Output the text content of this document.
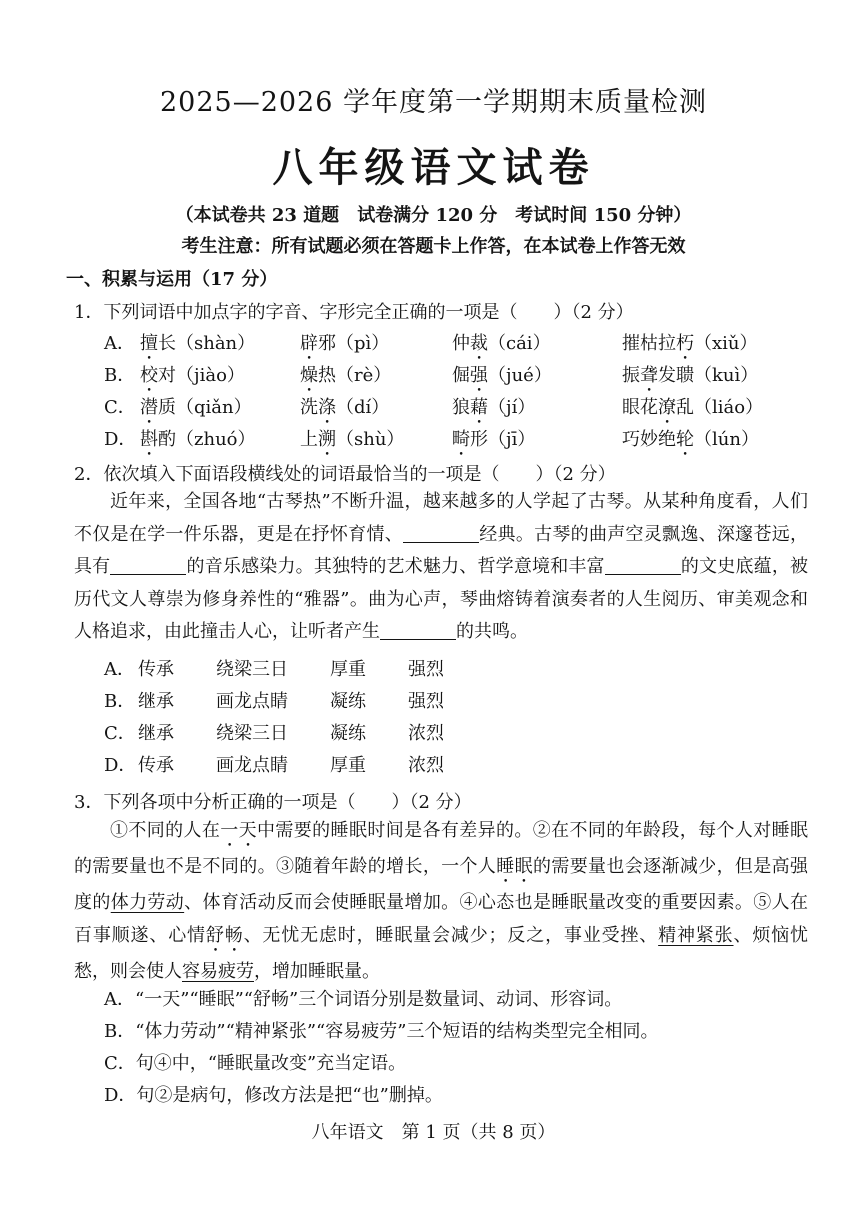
2025—2026 学年度第一学期期末质量检测
八年级语文试卷
（本试卷共 23 道题 试卷满分 120 分 考试时间 150 分钟）
考生注意：所有试题必须在答题卡上作答，在本试卷上作答无效
一、积累与运用（17 分）
1．下列词语中加点字的字音、字形完全正确的一项是（　　）（2 分）
A． 擅长（shàn） 辟邪（pì）	仲裁（cái）	摧枯拉朽（xiǔ）
B． 校对（jiào）	燥热（rè）	倔强（jué）	振聋发聩（kuì）
C． 潜质（qiǎn）	洗涤（dí）	狼藉（jí）	眼花潦乱（liáo）
D． 斟酌（zhuó） 上溯（shù）	畸形（jī）	巧妙绝轮（lún）
2．依次填入下面语段横线处的词语最恰当的一项是（　　）（2 分）

近年来，全国各地“古琴热”不断升温，越来越多的人学起了古琴。从某种角度看，人们不仅是在学一件乐器，更是在抒怀育情、	经典。古琴的曲声空灵飘逸、深邃苍远，具有	的音乐感染力。其独特的艺术魅力、哲学意境和丰富	的文史底蕴，被历代文人尊崇为修身养性的“雅器”。曲为心声，琴曲熔铸着演奏者的人生阅历、审美观念和人格追求，由此撞击人心，让听者产生	的共鸣。

A． 传承 绕梁三日 厚重 强烈
B． 继承 画龙点睛 凝练 强烈
C． 继承 绕梁三日 凝练 浓烈
D． 传承 画龙点睛 厚重 浓烈
3．下列各项中分析正确的一项是（　　）（2 分）

①不同的人在一天中需要的睡眠时间是各有差异的。②在不同的年龄段，每个人对睡眠的需要量也不是不同的。③随着年龄的增长，一个人睡眠的需要量也会逐渐减少，但是高强度的体力劳动、体育活动反而会使睡眠量增加。④心态也是睡眠量改变的重要因素。⑤人在百事顺遂、心情舒畅、无忧无虑时，睡眠量会减少；反之，事业受挫、精神紧张、烦恼忧愁，则会使人容易疲劳，增加睡眠量。

A．“一天”“睡眠”“舒畅”三个词语分别是数量词、动词、形容词。
B．“体力劳动”“精神紧张”“容易疲劳”三个短语的结构类型完全相同。
C．句④中，“睡眠量改变”充当定语。
D．句②是病句，修改方法是把“也”删掉。
八年语文　第 1 页（共 8 页）
